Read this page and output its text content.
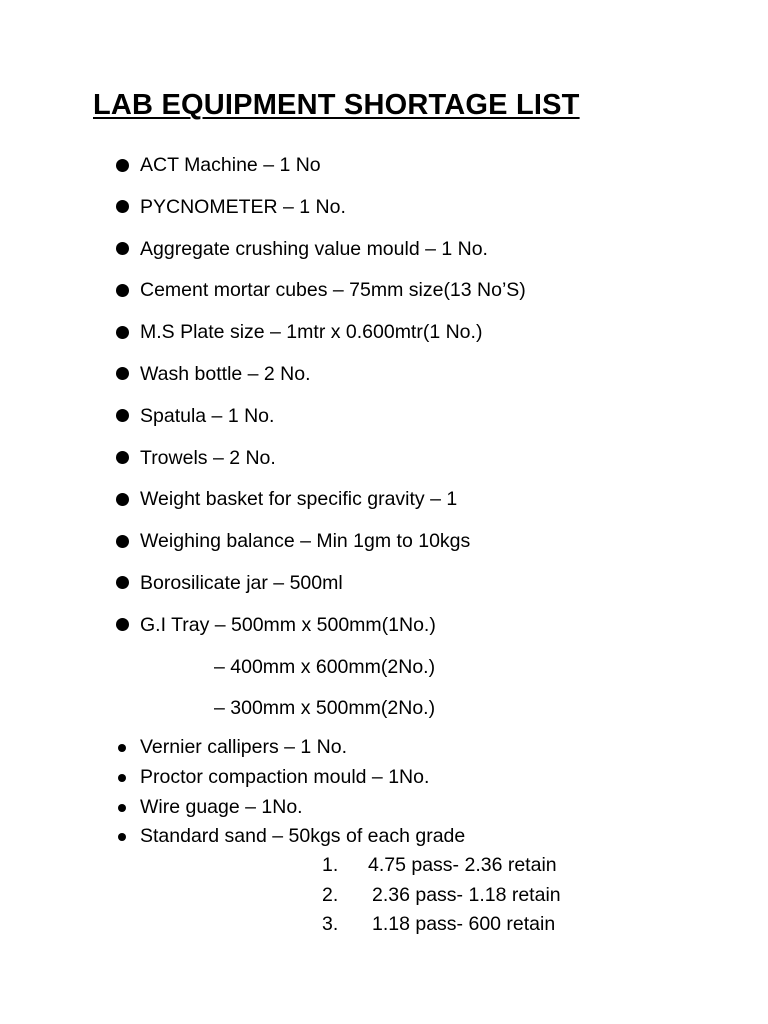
LAB EQUIPMENT SHORTAGE LIST
ACT Machine – 1 No
PYCNOMETER – 1 No.
Aggregate crushing value mould – 1 No.
Cement mortar cubes – 75mm size(13 No’S)
M.S Plate size – 1mtr x 0.600mtr(1 No.)
Wash bottle – 2 No.
Spatula – 1 No.
Trowels – 2 No.
Weight basket for specific gravity – 1
Weighing balance – Min 1gm to 10kgs
Borosilicate jar – 500ml
G.I Tray – 500mm x 500mm(1No.)
– 400mm x 600mm(2No.)
– 300mm x 500mm(2No.)
Vernier callipers – 1 No.
Proctor compaction mould – 1No.
Wire guage – 1No.
Standard sand – 50kgs of each grade
1. 4.75 pass- 2.36 retain
2. 2.36 pass- 1.18 retain
3. 1.18 pass- 600 retain
